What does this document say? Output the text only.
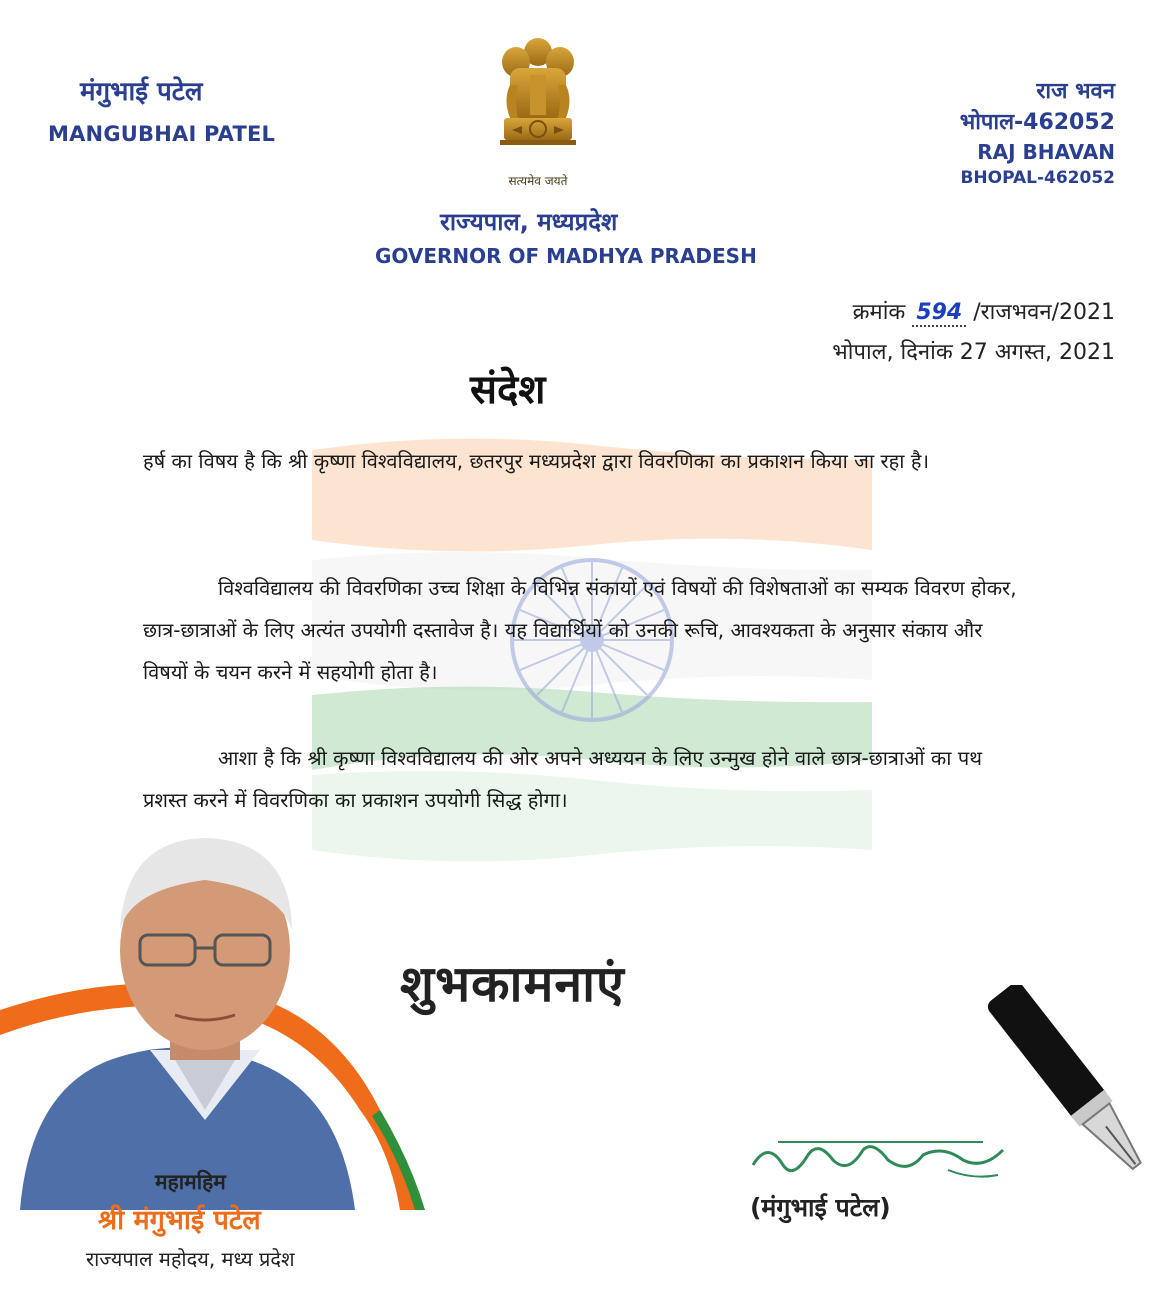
मंगुभाई पटेल
MANGUBHAI PATEL
सत्यमेव जयते
राज्यपाल, मध्यप्रदेश
GOVERNOR OF MADHYA PRADESH
राज भवन
भोपाल-462052
RAJ BHAVAN
BHOPAL-462052
क्रमांक 594 /राजभवन/2021
भोपाल, दिनांक 27 अगस्त, 2021
संदेश
हर्ष का विषय है कि श्री कृष्णा विश्वविद्यालय, छतरपुर मध्यप्रदेश द्वारा विवरणिका का प्रकाशन किया जा रहा है।
विश्वविद्यालय की विवरणिका उच्च शिक्षा के विभिन्न संकायों एवं विषयों की विशेषताओं का सम्यक विवरण होकर, छात्र-छात्राओं के लिए अत्यंत उपयोगी दस्तावेज है। यह विद्यार्थियों को उनकी रूचि, आवश्यकता के अनुसार संकाय और विषयों के चयन करने में सहयोगी होता है।
आशा है कि श्री कृष्णा विश्वविद्यालय की ओर अपने अध्ययन के लिए उन्मुख होने वाले छात्र-छात्राओं का पथ प्रशस्त करने में विवरणिका का प्रकाशन उपयोगी सिद्ध होगा।
शुभकामनाएं
महामहिम
श्री मंगुभाई पटेल
राज्यपाल महोदय, मध्य प्रदेश
(मंगुभाई पटेल)
